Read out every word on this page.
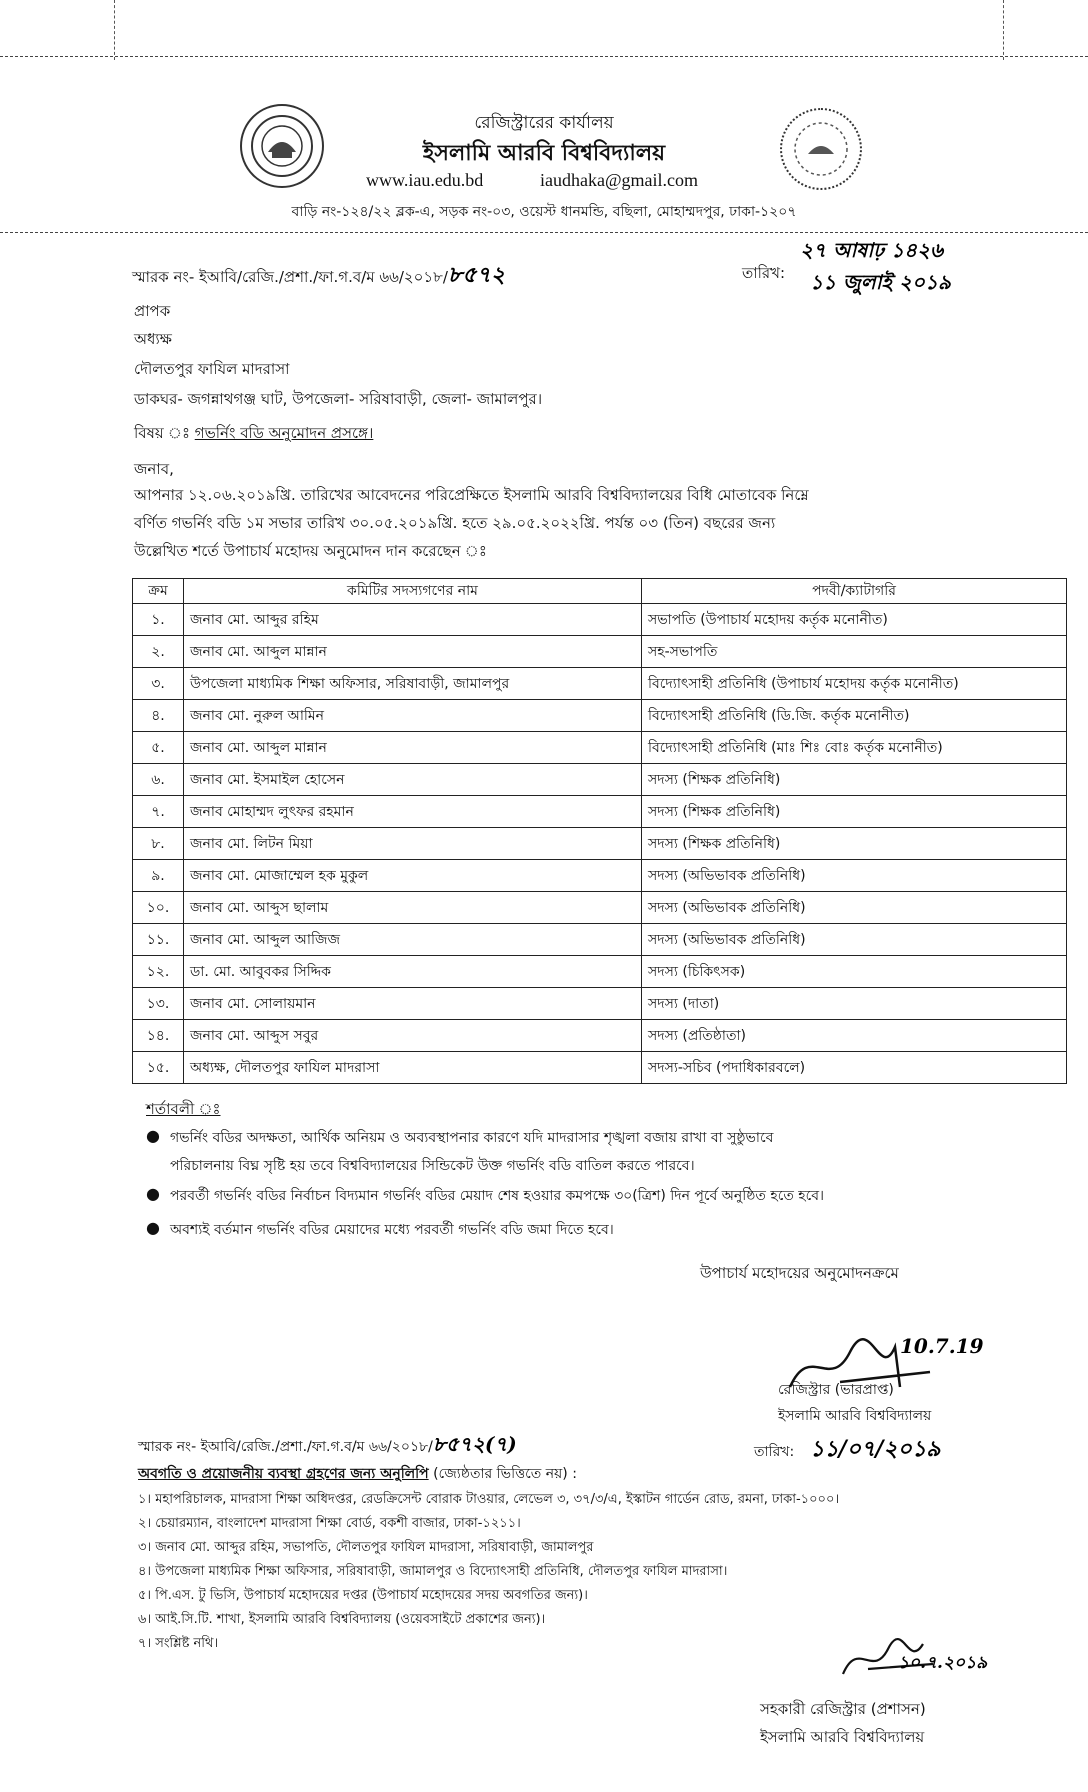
রেজিস্ট্রারের কার্যালয়
ইসলামি আরবি বিশ্ববিদ্যালয়
www.iau.edu.bd	iaudhaka@gmail.com
বাড়ি নং-১২৪/২২ ব্লক-এ, সড়ক নং-০৩, ওয়েস্ট ধানমন্ডি, বছিলা, মোহাম্মদপুর, ঢাকা-১২০৭
স্মারক নং- ইআবি/রেজি./প্রশা./ফা.গ.ব/ম ৬৬/২০১৮/৮৫৭২	তারিখ:
২৭ আষাঢ় ১৪২৬
১১ জুলাই ২০১৯
প্রাপক
অধ্যক্ষ
দৌলতপুর ফাযিল মাদরাসা
ডাকঘর- জগন্নাথগঞ্জ ঘাট, উপজেলা- সরিষাবাড়ী, জেলা- জামালপুর।
বিষয় ঃ গভর্নিং বডি অনুমোদন প্রসঙ্গে।
জনাব,
আপনার ১২.০৬.২০১৯খ্রি. তারিখের আবেদনের পরিপ্রেক্ষিতে ইসলামি আরবি বিশ্ববিদ্যালয়ের বিধি মোতাবেক নিম্নে
বর্ণিত গভর্নিং বডি ১ম সভার তারিখ ৩০.০৫.২০১৯খ্রি. হতে ২৯.০৫.২০২২খ্রি. পর্যন্ত ০৩ (তিন) বছরের জন্য
উল্লেখিত শর্তে উপাচার্য মহোদয় অনুমোদন দান করেছেন ঃ
ক্রম	কমিটির সদস্যগণের নাম	পদবী/ক্যাটাগরি
১.	জনাব মো. আব্দুর রহিম	সভাপতি (উপাচার্য মহোদয় কর্তৃক মনোনীত)
২.	জনাব মো. আব্দুল মান্নান	সহ-সভাপতি
৩.	উপজেলা মাধ্যমিক শিক্ষা অফিসার, সরিষাবাড়ী, জামালপুর	বিদ্যোৎসাহী প্রতিনিধি (উপাচার্য মহোদয় কর্তৃক মনোনীত)
৪.	জনাব মো. নুরুল আমিন	বিদ্যোৎসাহী প্রতিনিধি (ডি.জি. কর্তৃক মনোনীত)
৫.	জনাব মো. আব্দুল মান্নান	বিদ্যোৎসাহী প্রতিনিধি (মাঃ শিঃ বোঃ কর্তৃক মনোনীত)
৬.	জনাব মো. ইসমাইল হোসেন	সদস্য (শিক্ষক প্রতিনিধি)
৭.	জনাব মোহাম্মদ লুৎফর রহমান	সদস্য (শিক্ষক প্রতিনিধি)
৮.	জনাব মো. লিটন মিয়া	সদস্য (শিক্ষক প্রতিনিধি)
৯.	জনাব মো. মোজাম্মেল হক মুকুল	সদস্য (অভিভাবক প্রতিনিধি)
১০.	জনাব মো. আব্দুস ছালাম	সদস্য (অভিভাবক প্রতিনিধি)
১১.	জনাব মো. আব্দুল আজিজ	সদস্য (অভিভাবক প্রতিনিধি)
১২.	ডা. মো. আবুবকর সিদ্দিক	সদস্য (চিকিৎসক)
১৩.	জনাব মো. সোলায়মান	সদস্য (দাতা)
১৪.	জনাব মো. আব্দুস সবুর	সদস্য (প্রতিষ্ঠাতা)
১৫.	অধ্যক্ষ, দৌলতপুর ফাযিল মাদরাসা	সদস্য-সচিব (পদাধিকারবলে)
শর্তাবলী ঃ
● গভর্নিং বডির অদক্ষতা, আর্থিক অনিয়ম ও অব্যবস্থাপনার কারণে যদি মাদরাসার শৃঙ্খলা বজায় রাখা বা সুষ্ঠুভাবে
পরিচালনায় বিঘ্ন সৃষ্টি হয় তবে বিশ্ববিদ্যালয়ের সিন্ডিকেট উক্ত গভর্নিং বডি বাতিল করতে পারবে।
● পরবর্তী গভর্নিং বডির নির্বাচন বিদ্যমান গভর্নিং বডির মেয়াদ শেষ হওয়ার কমপক্ষে ৩০(ত্রিশ) দিন পূর্বে অনুষ্ঠিত হতে হবে।
● অবশ্যই বর্তমান গভর্নিং বডির মেয়াদের মধ্যে পরবর্তী গভর্নিং বডি জমা দিতে হবে।
উপাচার্য মহোদয়ের অনুমোদনক্রমে
10.7.19
রেজিস্ট্রার (ভারপ্রাপ্ত)
ইসলামি আরবি বিশ্ববিদ্যালয়
স্মারক নং- ইআবি/রেজি./প্রশা./ফা.গ.ব/ম ৬৬/২০১৮/৮৫৭২(৭)	তারিখ: ১১/০৭/২০১৯
অবগতি ও প্রয়োজনীয় ব্যবস্থা গ্রহণের জন্য অনুলিপি (জ্যেষ্ঠতার ভিত্তিতে নয়) :
১। মহাপরিচালক, মাদরাসা শিক্ষা অধিদপ্তর, রেডক্রিসেন্ট বোরাক টাওয়ার, লেভেল ৩, ৩৭/৩/এ, ইস্কাটন গার্ডেন রোড, রমনা, ঢাকা-১০০০।
২। চেয়ারম্যান, বাংলাদেশ মাদরাসা শিক্ষা বোর্ড, বকশী বাজার, ঢাকা-১২১১।
৩। জনাব মো. আব্দুর রহিম, সভাপতি, দৌলতপুর ফাযিল মাদরাসা, সরিষাবাড়ী, জামালপুর
৪। উপজেলা মাধ্যমিক শিক্ষা অফিসার, সরিষাবাড়ী, জামালপুর ও বিদ্যোৎসাহী প্রতিনিধি, দৌলতপুর ফাযিল মাদরাসা।
৫। পি.এস. টু ভিসি, উপাচার্য মহোদয়ের দপ্তর (উপাচার্য মহোদয়ের সদয় অবগতির জন্য)।
৬। আই.সি.টি. শাখা, ইসলামি আরবি বিশ্ববিদ্যালয় (ওয়েবসাইটে প্রকাশের জন্য)।
৭। সংশ্লিষ্ট নথি।
১০.৭.২০১৯
সহকারী রেজিস্ট্রার (প্রশাসন)
ইসলামি আরবি বিশ্ববিদ্যালয়
